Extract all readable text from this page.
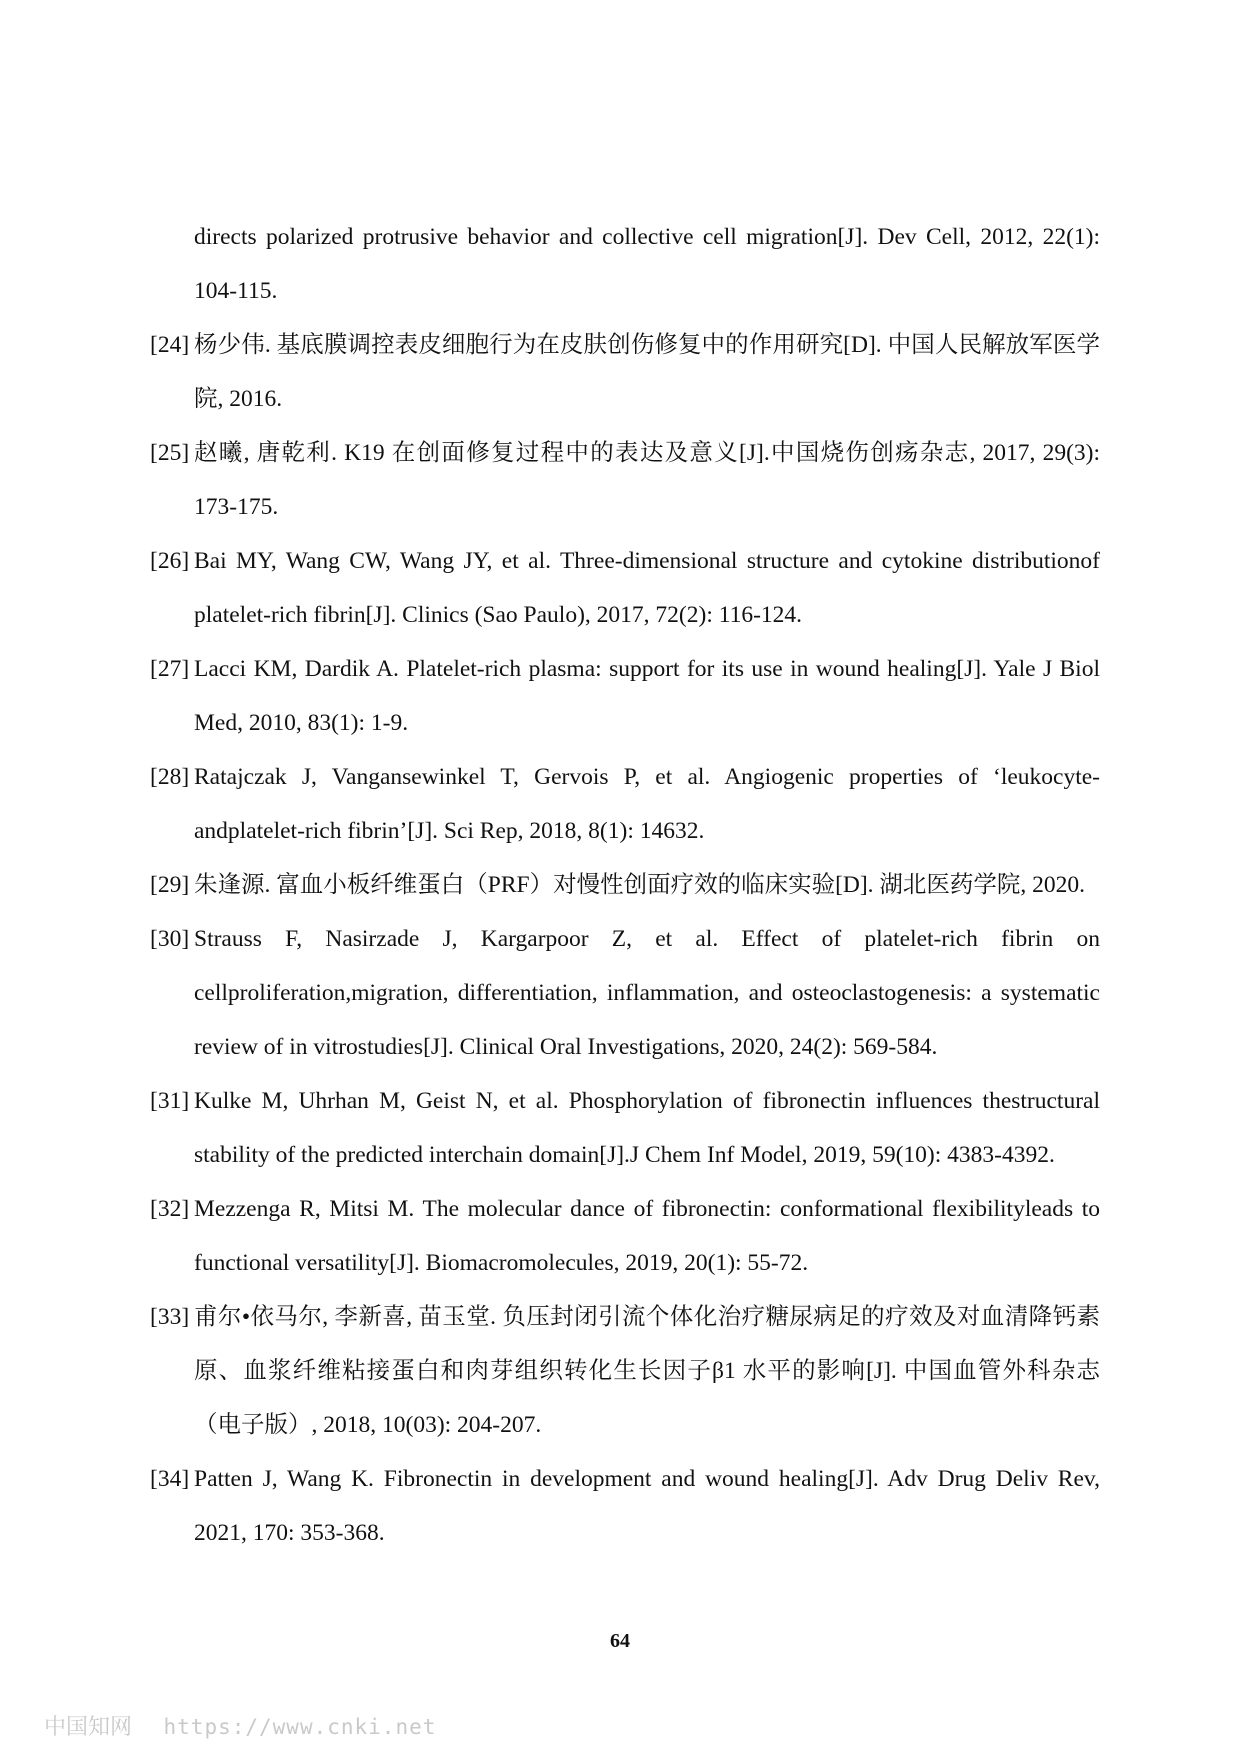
directs polarized protrusive behavior and collective cell migration[J]. Dev Cell, 2012, 22(1): 104-115.

[24] 杨少伟. 基底膜调控表皮细胞行为在皮肤创伤修复中的作用研究[D]. 中国人民解放军医学院, 2016.

[25] 赵曦, 唐乾利. K19 在创面修复过程中的表达及意义[J].中国烧伤创疡杂志, 2017, 29(3): 173-175.

[26] Bai MY, Wang CW, Wang JY, et al. Three-dimensional structure and cytokine distributionof platelet-rich fibrin[J]. Clinics (Sao Paulo), 2017, 72(2): 116-124.

[27] Lacci KM, Dardik A. Platelet-rich plasma: support for its use in wound healing[J]. Yale J Biol Med, 2010, 83(1): 1-9.

[28] Ratajczak J, Vangansewinkel T, Gervois P, et al. Angiogenic properties of ‘leukocyte-andplatelet-rich fibrin’[J]. Sci Rep, 2018, 8(1): 14632.

[29] 朱逢源. 富血小板纤维蛋白（PRF）对慢性创面疗效的临床实验[D]. 湖北医药学院, 2020.

[30] Strauss F, Nasirzade J, Kargarpoor Z, et al. Effect of platelet-rich fibrin on cellproliferation,migration, differentiation, inflammation, and osteoclastogenesis: a systematic review of in vitrostudies[J]. Clinical Oral Investigations, 2020, 24(2): 569-584.

[31] Kulke M, Uhrhan M, Geist N, et al. Phosphorylation of fibronectin influences thestructural stability of the predicted interchain domain[J].J Chem Inf Model, 2019, 59(10): 4383-4392.

[32] Mezzenga R, Mitsi M. The molecular dance of fibronectin: conformational flexibilityleads to functional versatility[J]. Biomacromolecules, 2019, 20(1): 55-72.

[33] 甫尔•依马尔, 李新喜, 苗玉堂. 负压封闭引流个体化治疗糖尿病足的疗效及对血清降钙素原、血浆纤维粘接蛋白和肉芽组织转化生长因子β1 水平的影响[J]. 中国血管外科杂志（电子版）, 2018, 10(03): 204-207.

[34] Patten J, Wang K. Fibronectin in development and wound healing[J]. Adv Drug Deliv Rev, 2021, 170: 353-368.

64
中国知网 https://www.cnki.net
